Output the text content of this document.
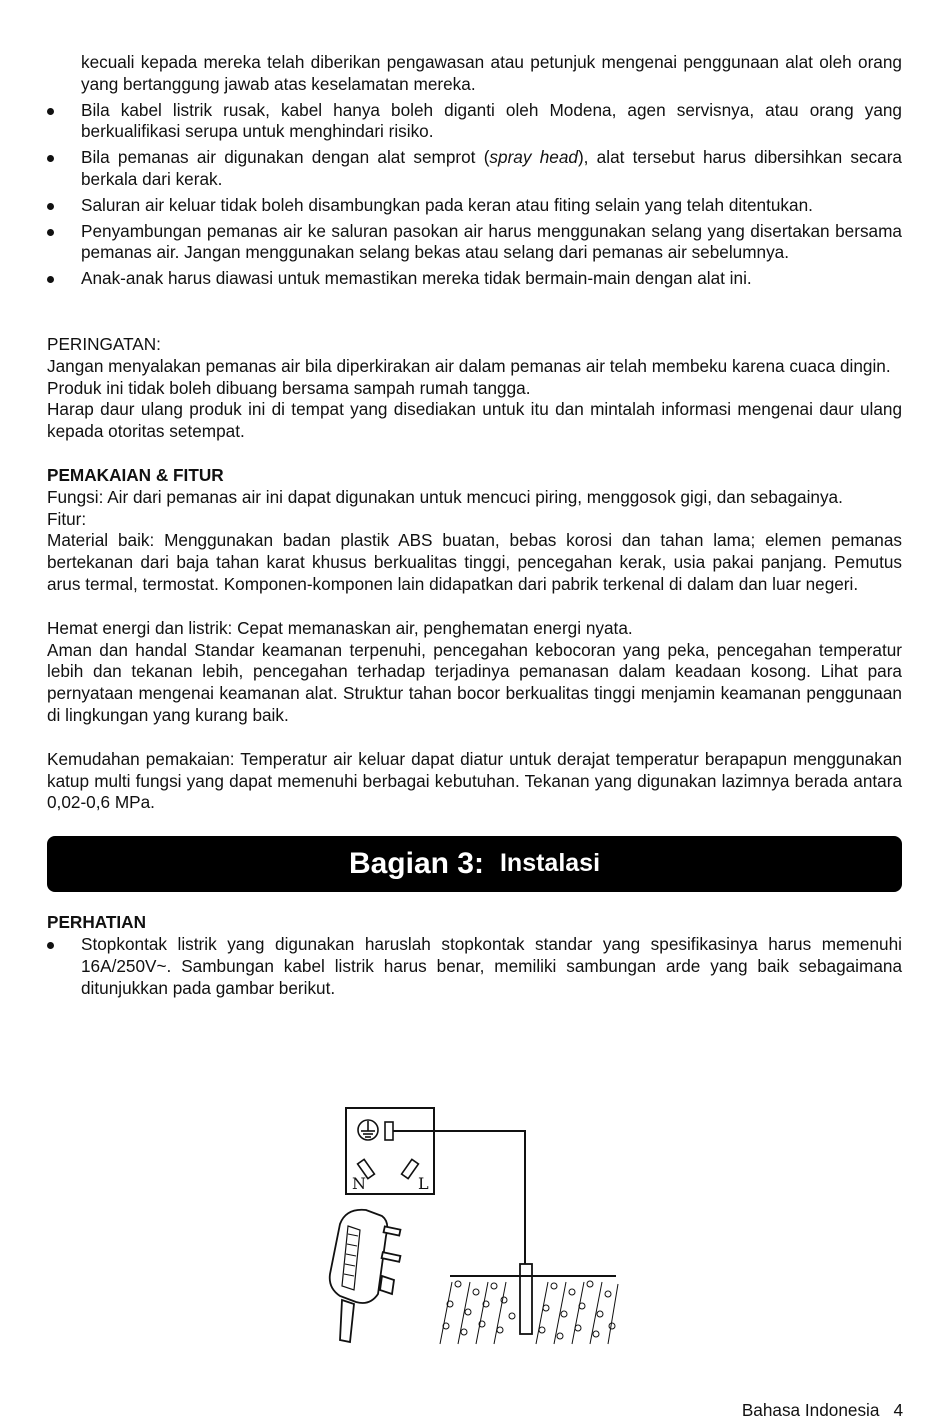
kecuali kepada mereka telah diberikan pengawasan atau petunjuk mengenai penggunaan alat oleh orang yang bertanggung jawab atas keselamatan mereka.

Bila kabel listrik rusak, kabel hanya boleh diganti oleh Modena, agen servisnya, atau orang yang berkualifikasi serupa untuk menghindari risiko.
Bila pemanas air digunakan dengan alat semprot (spray head), alat tersebut harus dibersihkan secara berkala dari kerak.
Saluran air keluar tidak boleh disambungkan pada keran atau fiting selain yang telah ditentukan.
Penyambungan pemanas air ke saluran pasokan air harus menggunakan selang yang disertakan bersama pemanas air. Jangan menggunakan selang bekas atau selang dari pemanas air sebelumnya.
Anak-anak harus diawasi untuk memastikan mereka tidak bermain-main dengan alat ini.

PERINGATAN:

Jangan menyalakan pemanas air bila diperkirakan air dalam pemanas air telah membeku karena cuaca dingin.

Produk ini tidak boleh dibuang bersama sampah rumah tangga.

Harap daur ulang produk ini di tempat yang disediakan untuk itu dan mintalah informasi mengenai daur ulang kepada otoritas setempat.

PEMAKAIAN & FITUR

Fungsi: Air dari pemanas air ini dapat digunakan untuk mencuci piring, menggosok gigi, dan sebagainya.

Fitur:

Material baik: Menggunakan badan plastik ABS buatan, bebas korosi dan tahan lama; elemen pemanas bertekanan dari baja tahan karat khusus berkualitas tinggi, pencegahan kerak, usia pakai panjang. Pemutus arus termal, termostat. Komponen-komponen lain didapatkan dari pabrik terkenal di dalam dan luar negeri.

Hemat energi dan listrik: Cepat memanaskan air, penghematan energi nyata.

Aman dan handal Standar keamanan terpenuhi, pencegahan kebocoran yang peka, pencegahan temperatur lebih dan tekanan lebih, pencegahan terhadap terjadinya pemanasan dalam keadaan kosong. Lihat para pernyataan mengenai keamanan alat. Struktur tahan bocor berkualitas tinggi menjamin keamanan penggunaan di lingkungan yang kurang baik.

Kemudahan pemakaian: Temperatur air keluar dapat diatur untuk derajat temperatur berapapun menggunakan katup multi fungsi yang dapat memenuhi berbagai kebutuhan. Tekanan yang digunakan lazimnya berada antara 0,02-0,6 MPa.

Bagian 3: Instalasi

PERHATIAN

Stopkontak listrik yang digunakan haruslah stopkontak standar yang spesifikasinya harus memenuhi 16A/250V~. Sambungan kabel listrik harus benar, memiliki sambungan arde yang baik sebagaimana ditunjukkan pada gambar berikut.
N	L
Bahasa Indonesia 4
